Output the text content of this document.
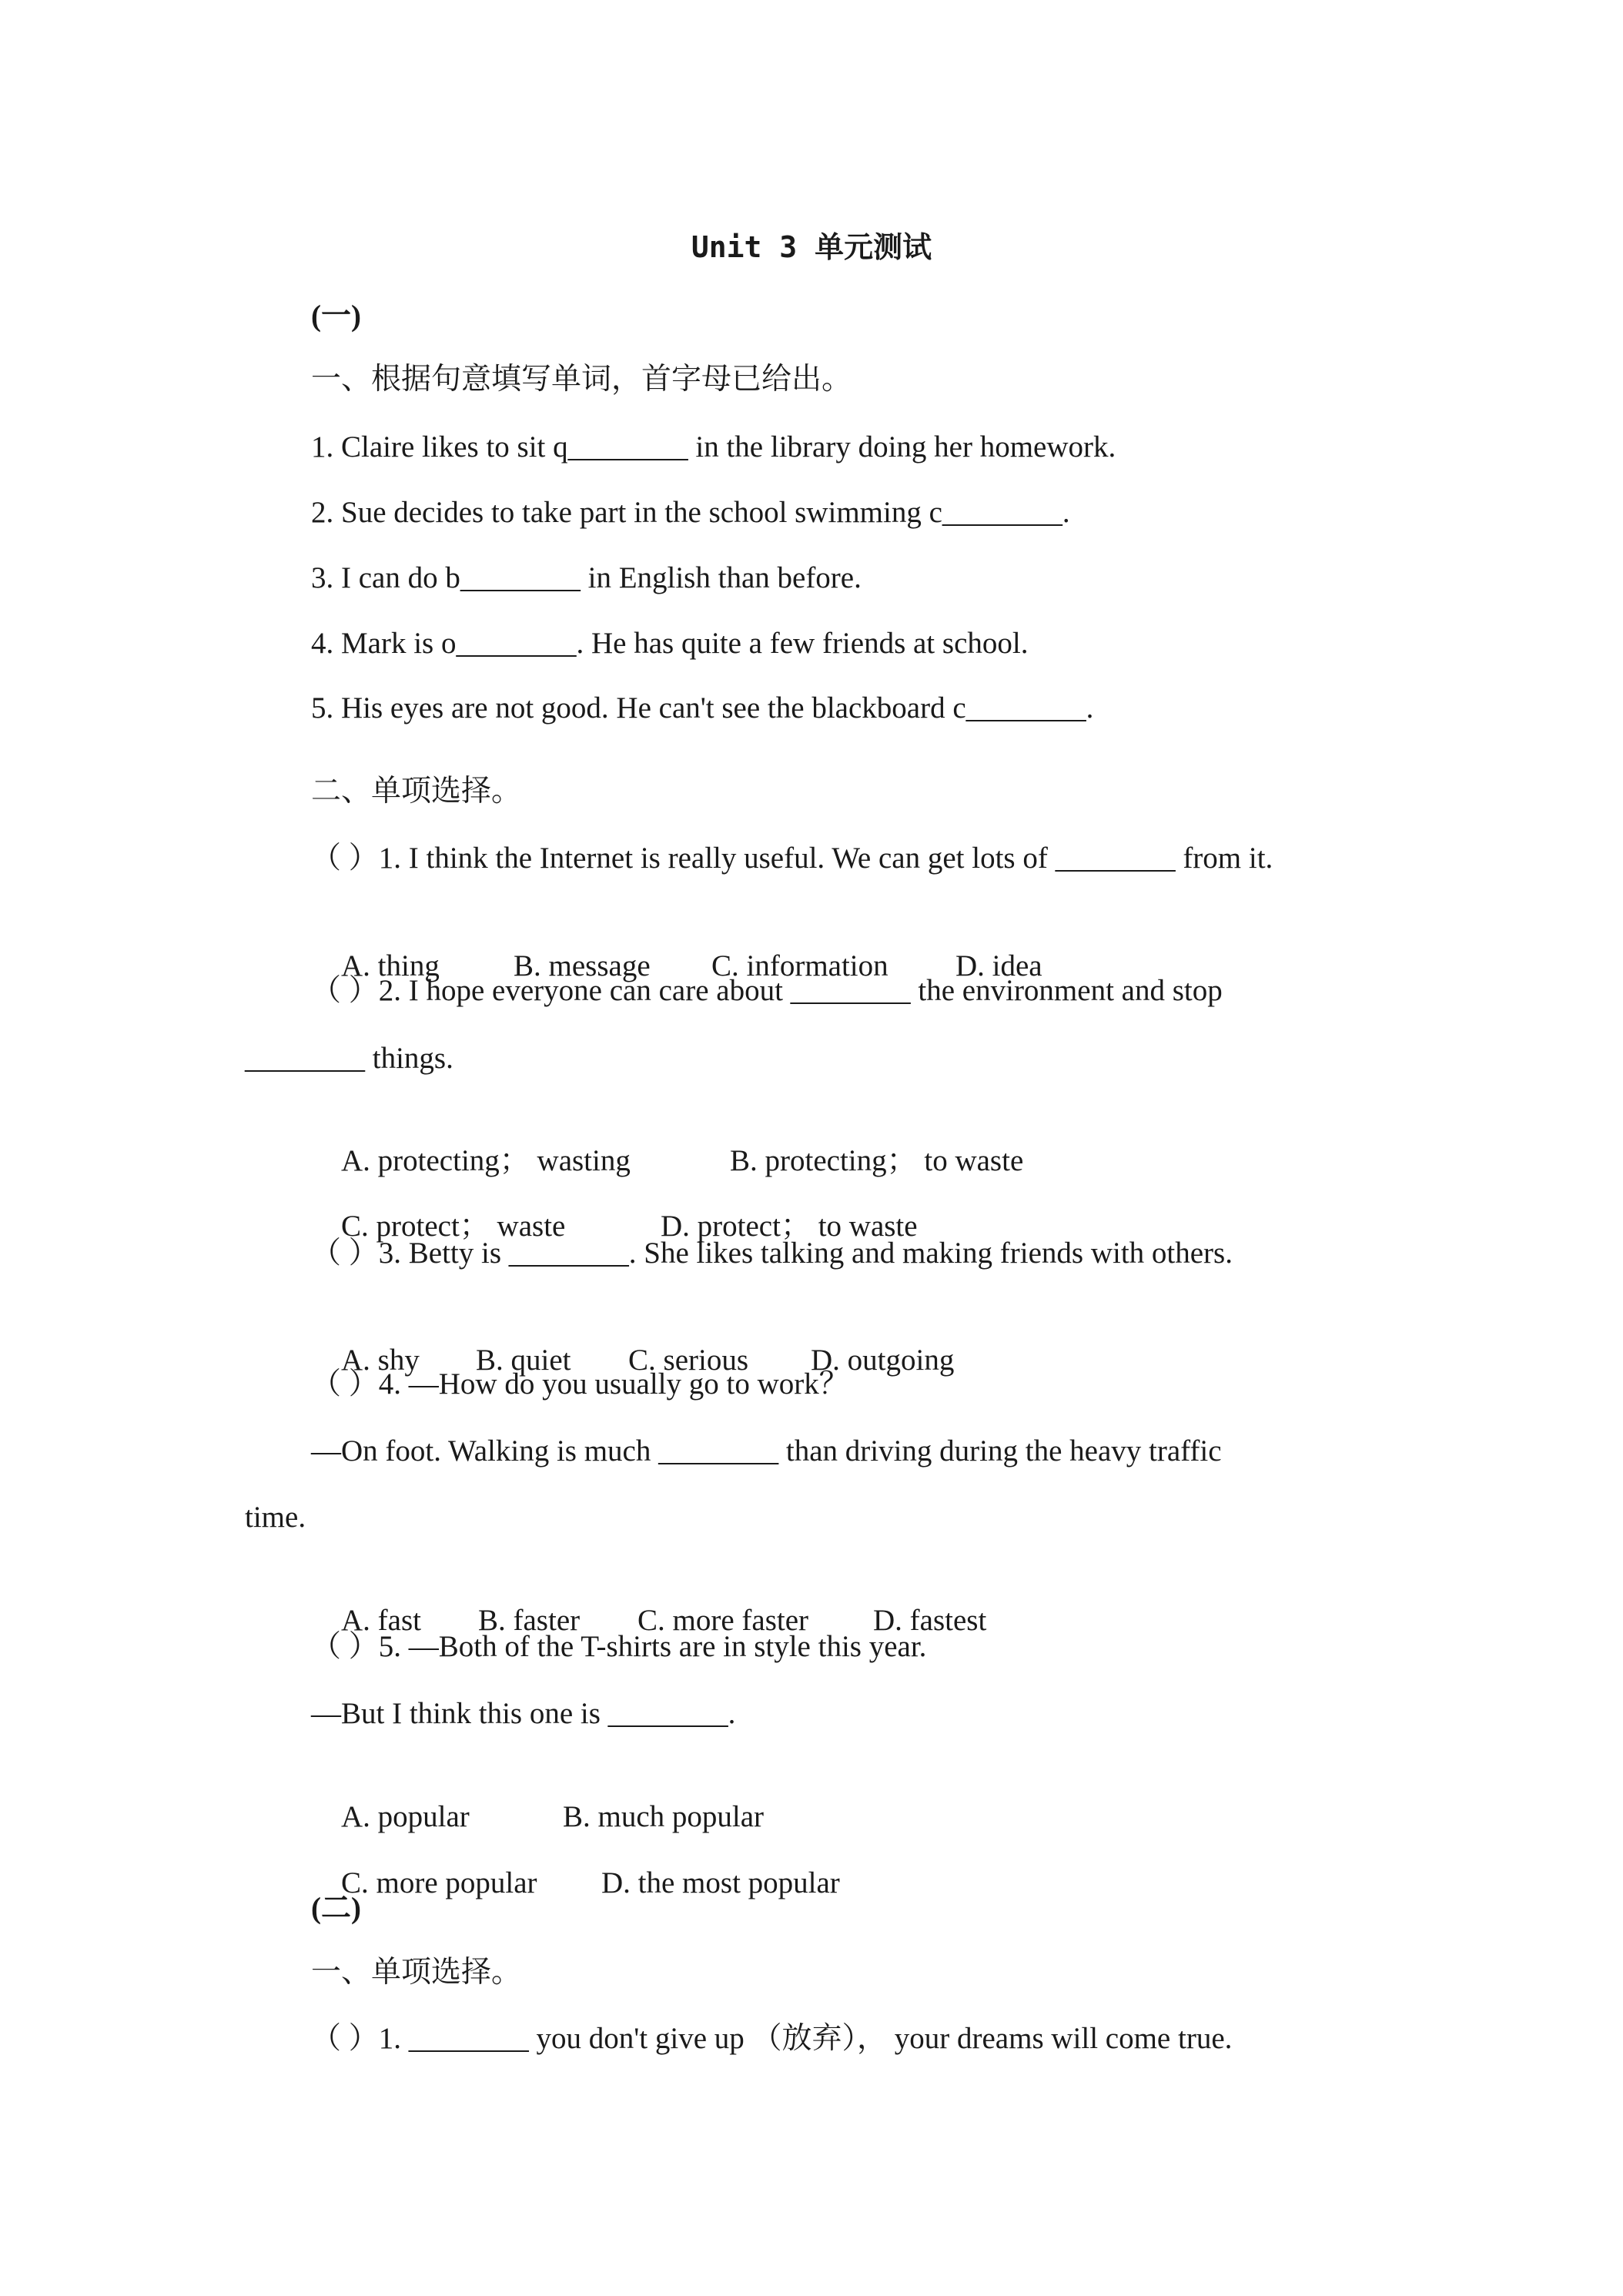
Unit 3 单元测试
(一)
一、根据句意填写单词，首字母已给出。
1. Claire likes to sit q________ in the library doing her homework.
2. Sue decides to take part in the school swimming c________.
3. I can do b________ in English than before.
4. Mark is o________. He has quite a few friends at school.
5. His eyes are not good. He can't see the blackboard c________.
二、单项选择。
（ ）1. I think the Internet is really useful. We can get lots of ________ from it.

A. thing B. message C. information D. idea

（ ）2. I hope everyone can care about ________ the environment and stop
________ things.

A. protecting； wasting	B. protecting； to waste

C. protect； waste	D. protect； to waste

（ ）3. Betty is ________. She likes talking and making friends with others.

A. shy B. quiet C. serious D. outgoing

（ ）4. —How do you usually go to work？
—On foot. Walking is much ________ than driving during the heavy traffic
time.

A. fast B. faster C. more faster D. fastest

（ ）5. —Both of the T-shirts are in style this year.
—But I think this one is ________.

A. popular	B. much popular

C. more popular D. the most popular

(二)
一、单项选择。
（ ）1. ________ you don't give up （放弃）， your dreams will come true.
